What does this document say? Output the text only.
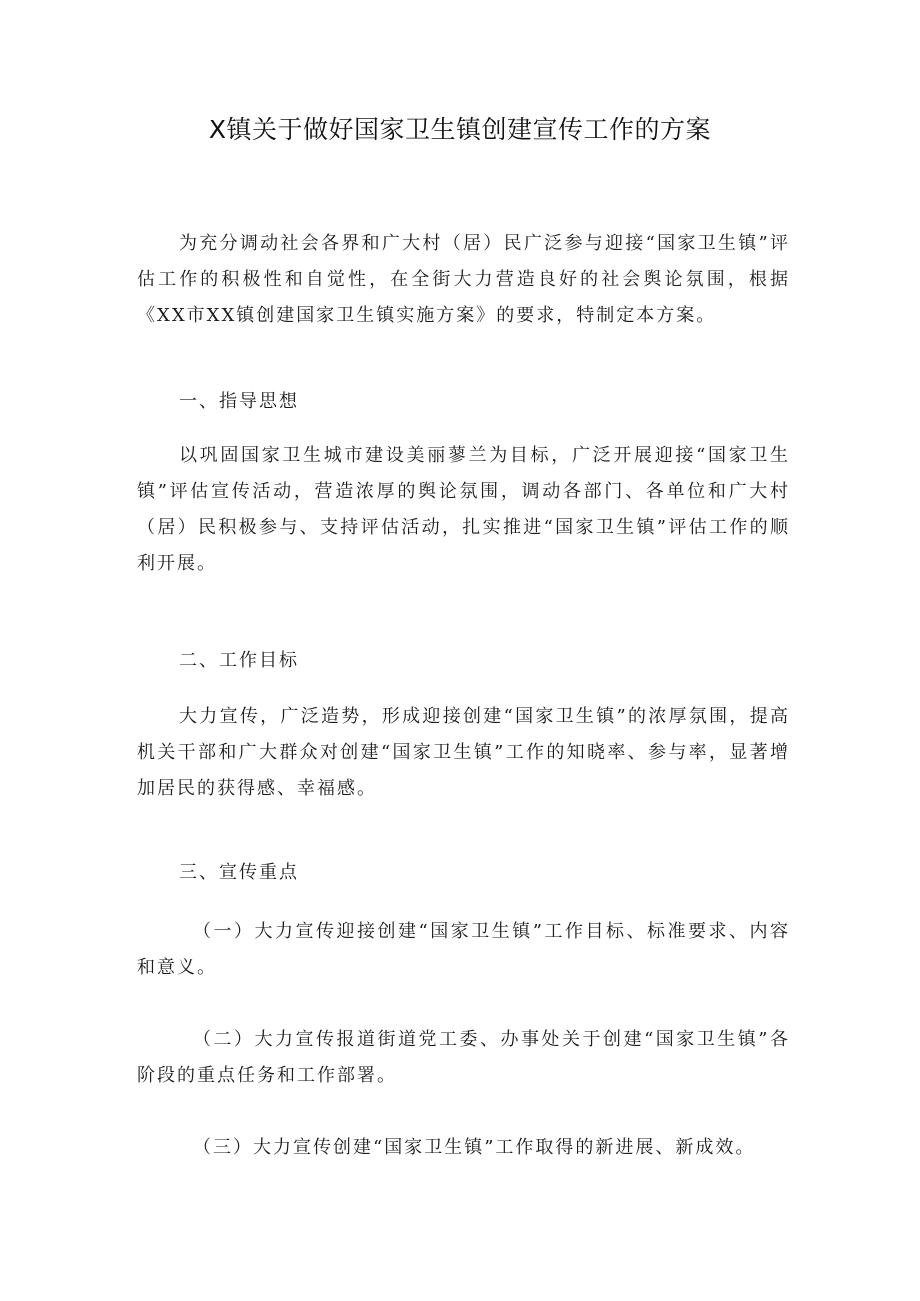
X镇关于做好国家卫生镇创建宣传工作的方案

为充分调动社会各界和广大村（居）民广泛参与迎接“国家卫生镇”评估工作的积极性和自觉性，在全街大力营造良好的社会舆论氛围，根据《XX市XX镇创建国家卫生镇实施方案》的要求，特制定本方案。

一、指导思想

以巩固国家卫生城市建设美丽蓼兰为目标，广泛开展迎接“国家卫生镇”评估宣传活动，营造浓厚的舆论氛围，调动各部门、各单位和广大村（居）民积极参与、支持评估活动，扎实推进“国家卫生镇”评估工作的顺利开展。

二、工作目标

大力宣传，广泛造势，形成迎接创建“国家卫生镇”的浓厚氛围，提高机关干部和广大群众对创建“国家卫生镇”工作的知晓率、参与率，显著增加居民的获得感、幸福感。

三、宣传重点

（一）大力宣传迎接创建“国家卫生镇”工作目标、标准要求、内容和意义。

（二）大力宣传报道街道党工委、办事处关于创建“国家卫生镇”各阶段的重点任务和工作部署。

（三）大力宣传创建“国家卫生镇”工作取得的新进展、新成效。
